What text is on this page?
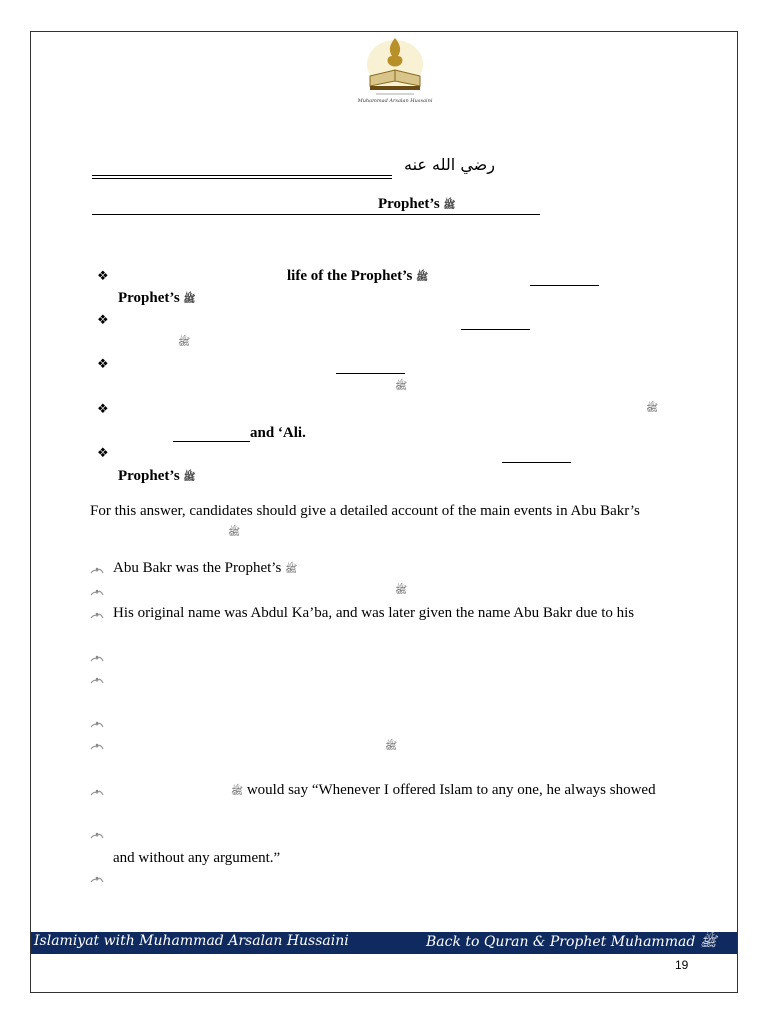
Muhammad Arsalan Hussaini
رضي الله عنه
Prophet’s ﷺ
❖	life of the Prophet’s ﷺ
Prophet’s ﷺ
❖
ﷺ
❖
ﷺ
❖	ﷺ
and ‘Ali.
❖
Prophet’s ﷺ
For this answer, candidates should give a detailed account of the main events in Abu Bakr’s
ﷺ
Abu Bakr was the Prophet’s ﷺ
ﷺ
His original name was Abdul Ka’ba, and was later given the name Abu Bakr due to his
ﷺ
ﷺ would say “Whenever I offered Islam to any one, he always showed
and without any argument.”
Islamiyat with Muhammad Arsalan Hussaini	Back to Quran & Prophet Muhammad ﷺ
19
